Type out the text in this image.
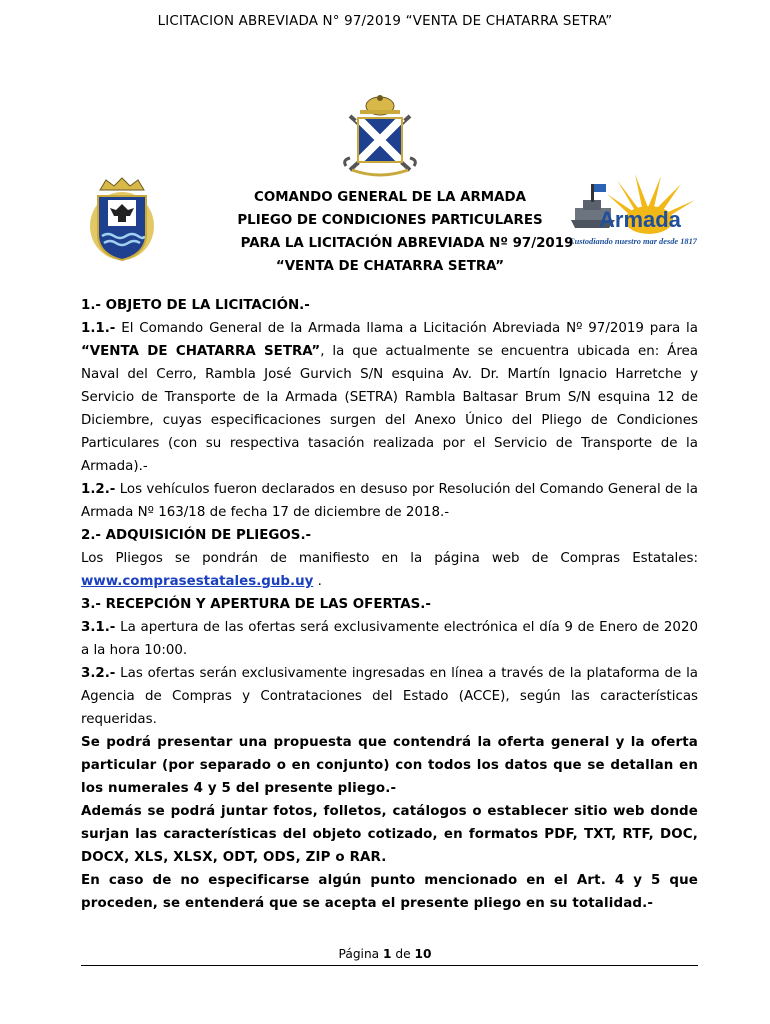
LICITACION ABREVIADA N° 97/2019 “VENTA DE CHATARRA SETRA”
Armada
Custodiando nuestro mar desde 1817
COMANDO GENERAL DE LA ARMADA
PLIEGO DE CONDICIONES PARTICULARES
PARA LA LICITACIÓN ABREVIADA Nº 97/2019
“VENTA DE CHATARRA SETRA”

1.- OBJETO DE LA LICITACIÓN.-

1.1.- El Comando General de la Armada llama a Licitación Abreviada Nº 97/2019 para la “VENTA DE CHATARRA SETRA”, la que actualmente se encuentra ubicada en: Área Naval del Cerro, Rambla José Gurvich S/N esquina Av. Dr. Martín Ignacio Harretche y Servicio de Transporte de la Armada (SETRA) Rambla Baltasar Brum S/N esquina 12 de Diciembre, cuyas especificaciones surgen del Anexo Único del Pliego de Condiciones Particulares (con su respectiva tasación realizada por el Servicio de Transporte de la Armada).-

1.2.- Los vehículos fueron declarados en desuso por Resolución del Comando General de la Armada Nº 163/18 de fecha 17 de diciembre de 2018.-

2.- ADQUISICIÓN DE PLIEGOS.-

Los Pliegos se pondrán de manifiesto en la página web de Compras Estatales:

www.comprasestatales.gub.uy .

3.- RECEPCIÓN Y APERTURA DE LAS OFERTAS.-

3.1.- La apertura de las ofertas será exclusivamente electrónica el día 9 de Enero de 2020 a la hora 10:00.

3.2.- Las ofertas serán exclusivamente ingresadas en línea a través de la plataforma de la Agencia de Compras y Contrataciones del Estado (ACCE), según las características requeridas.

Se podrá presentar una propuesta que contendrá la oferta general y la oferta particular (por separado o en conjunto) con todos los datos que se detallan en los numerales 4 y 5 del presente pliego.-

Además se podrá juntar fotos, folletos, catálogos o establecer sitio web donde surjan las características del objeto cotizado, en formatos PDF, TXT, RTF, DOC, DOCX, XLS, XLSX, ODT, ODS, ZIP o RAR.

En caso de no especificarse algún punto mencionado en el Art. 4 y 5 que proceden, se entenderá que se acepta el presente pliego en su totalidad.-

Página 1 de 10
